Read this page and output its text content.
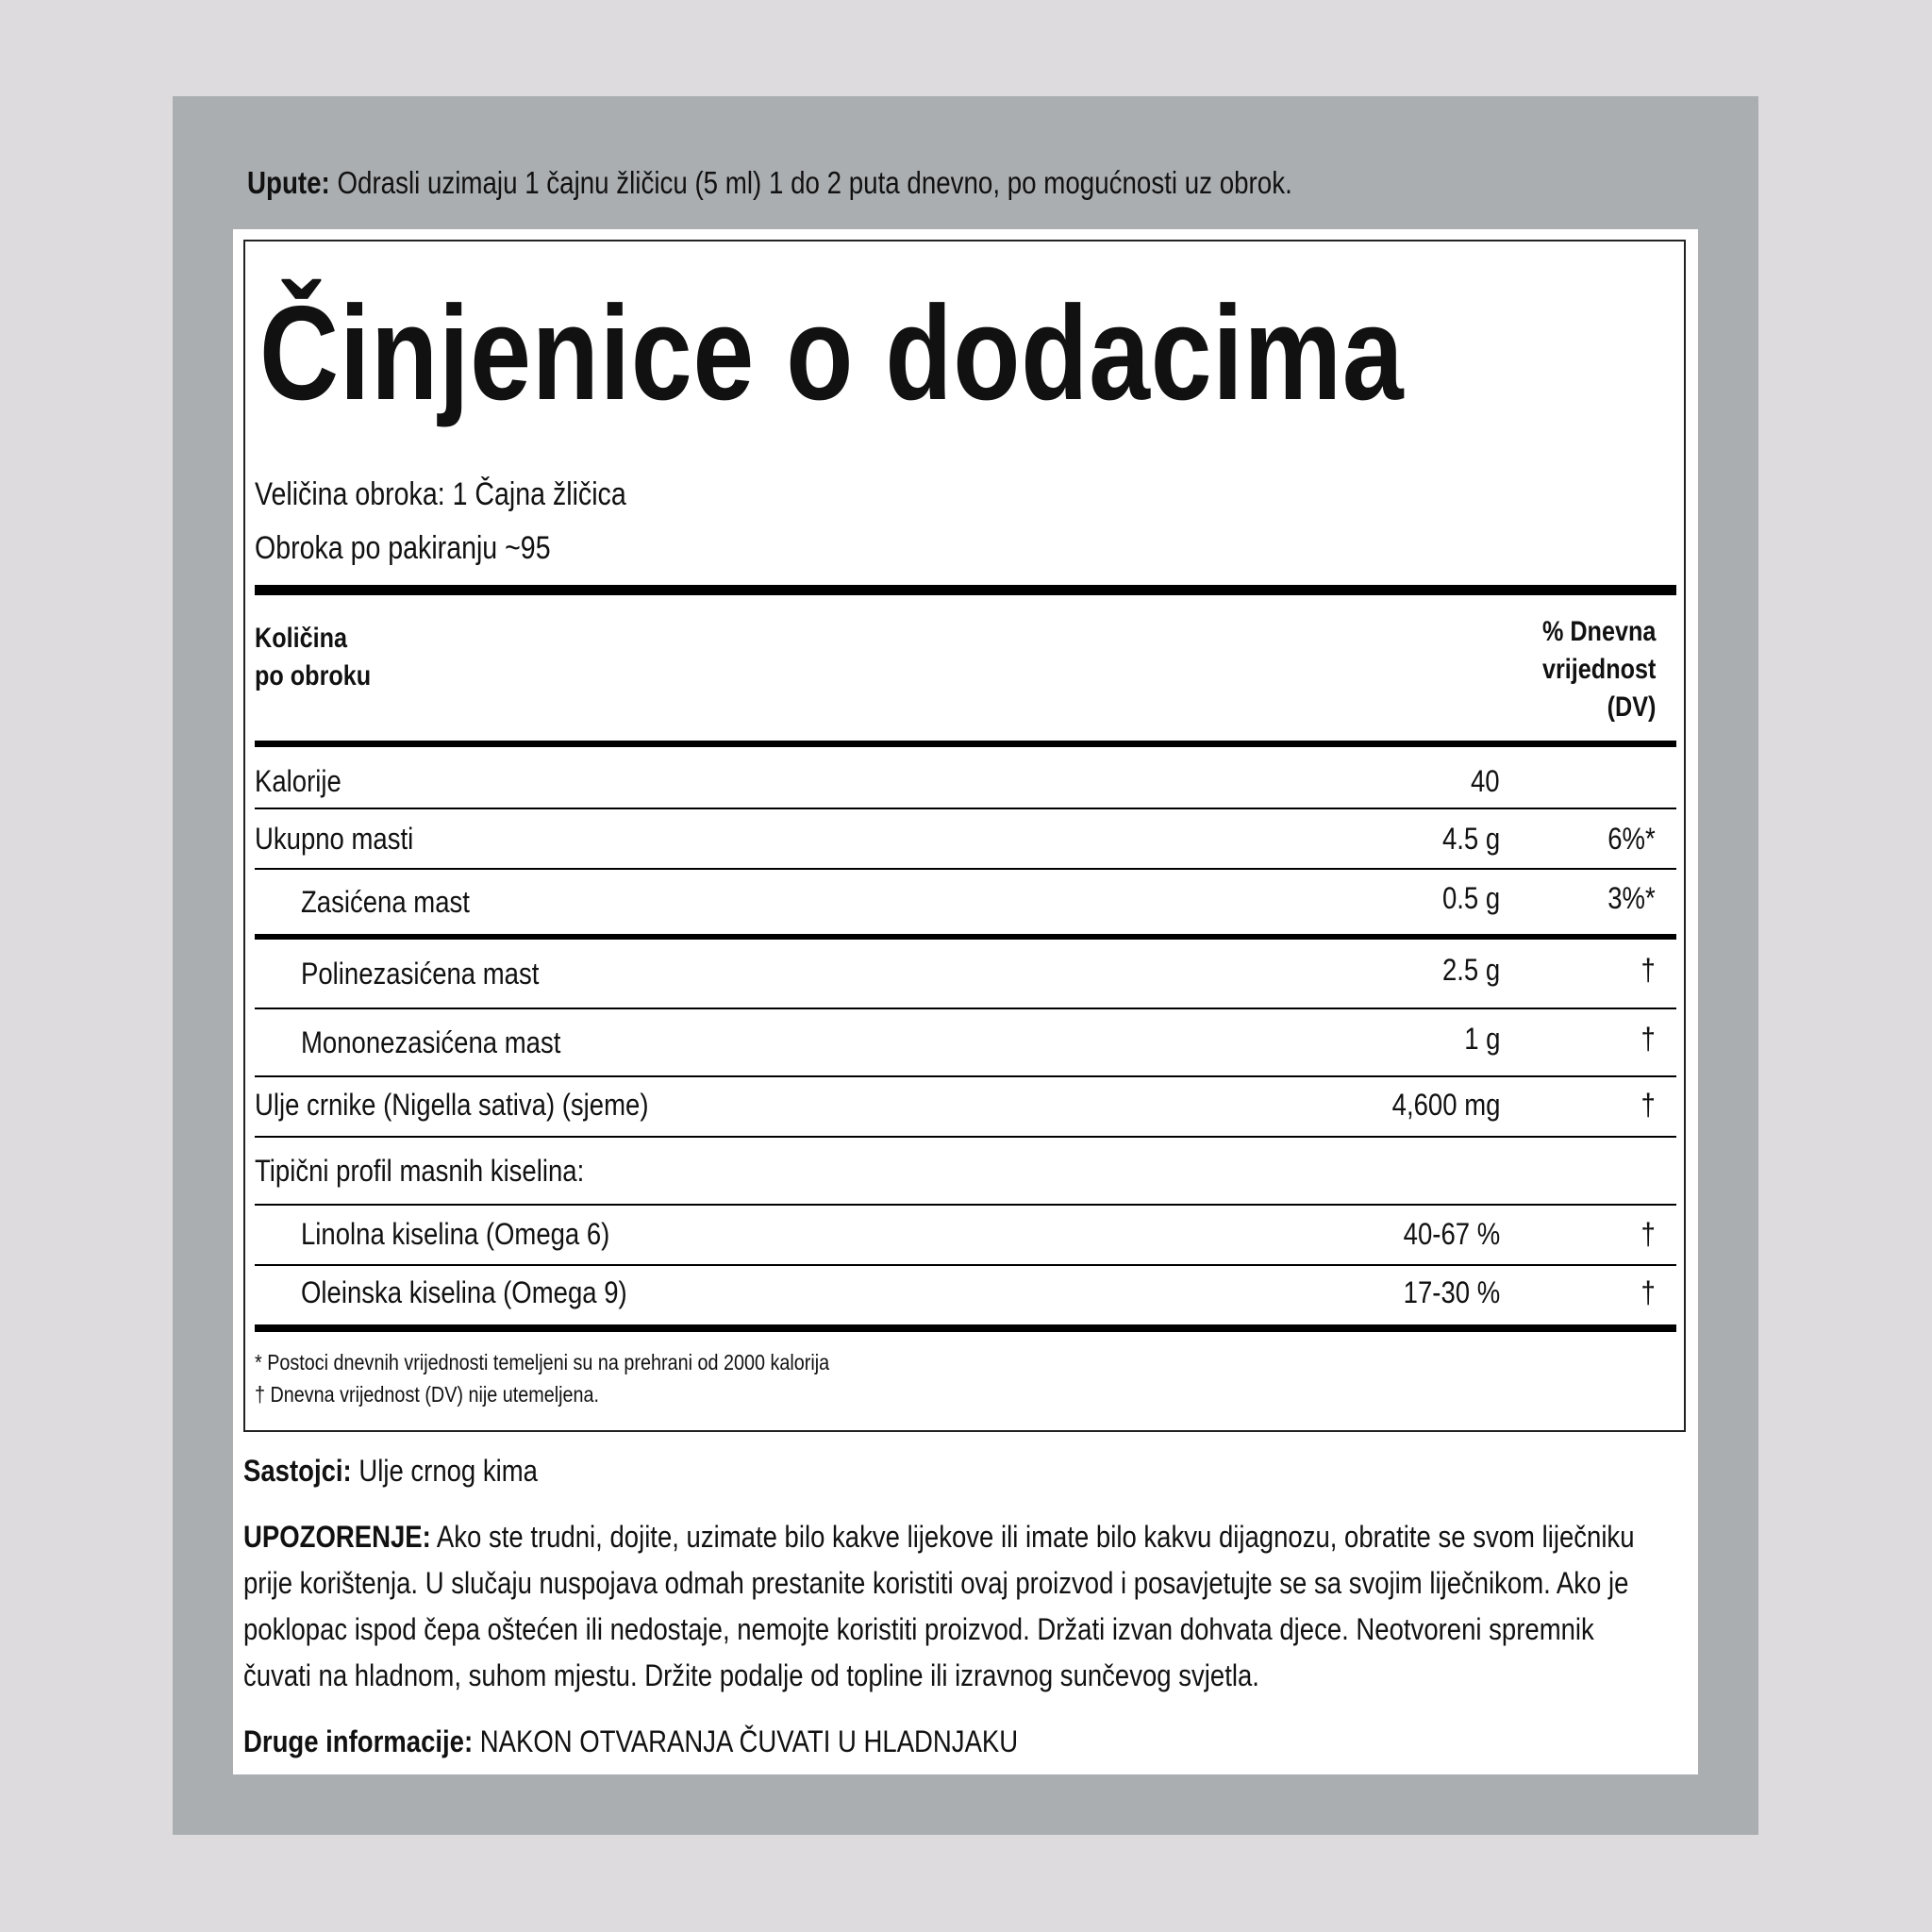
Upute: Odrasli uzimaju 1 čajnu žličicu (5 ml) 1 do 2 puta dnevno, po mogućnosti uz obrok.
Činjenice o dodacima
Veličina obroka: 1 Čajna žličica
Obroka po pakiranju ~95
Količina
po obroku
% Dnevna
vrijednost
(DV)
Kalorije	40
Ukupno masti	4.5 g	6%*
Zasićena mast	0.5 g	3%*
Polinezasićena mast	2.5 g	†
Mononezasićena mast	1 g	†
Ulje crnike (Nigella sativa) (sjeme)	4,600 mg	†
Tipični profil masnih kiselina:
Linolna kiselina (Omega 6)	40-67 %	†
Oleinska kiselina (Omega 9)	17-30 %	†
* Postoci dnevnih vrijednosti temeljeni su na prehrani od 2000 kalorija
† Dnevna vrijednost (DV) nije utemeljena.
Sastojci: Ulje crnog kima
UPOZORENJE: Ako ste trudni, dojite, uzimate bilo kakve lijekove ili imate bilo kakvu dijagnozu, obratite se svom liječniku
prije korištenja. U slučaju nuspojava odmah prestanite koristiti ovaj proizvod i posavjetujte se sa svojim liječnikom. Ako je
poklopac ispod čepa oštećen ili nedostaje, nemojte koristiti proizvod. Držati izvan dohvata djece. Neotvoreni spremnik
čuvati na hladnom, suhom mjestu. Držite podalje od topline ili izravnog sunčevog svjetla.
Druge informacije: NAKON OTVARANJA ČUVATI U HLADNJAKU
